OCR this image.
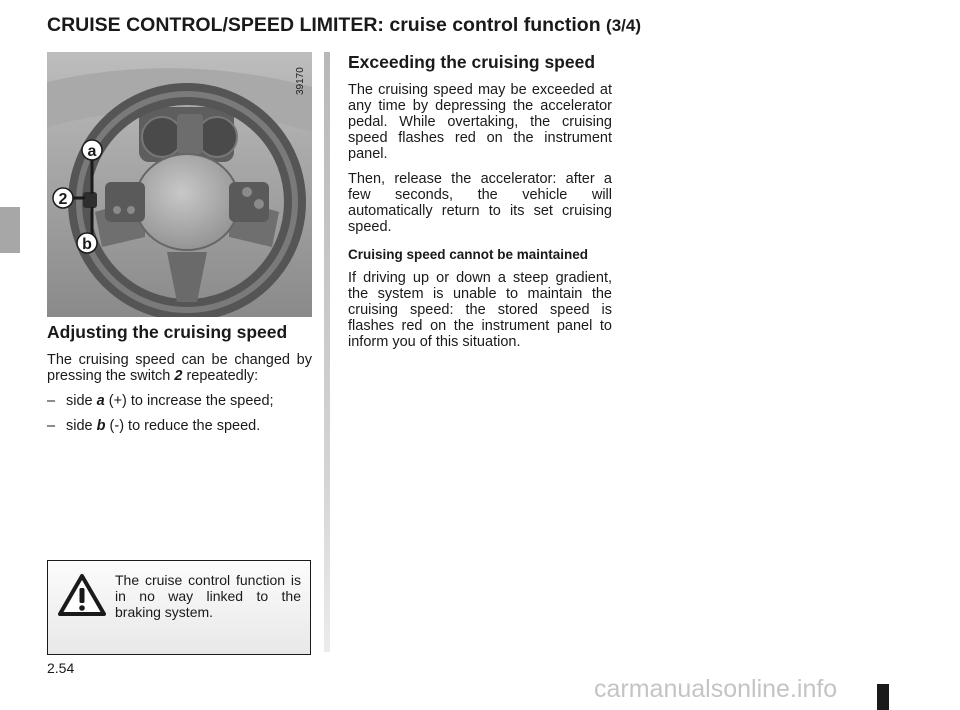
CRUISE CONTROL/SPEED LIMITER: cruise control function (3/4)
a
2
b
39170
Adjusting the cruising speed

The cruising speed can be changed by pressing the switch 2 repeatedly:

– side a (+) to increase the speed;
– side b (-) to reduce the speed.
Exceeding the cruising speed

The cruising speed may be exceeded at any time by depressing the accelerator pedal. While overtaking, the cruising speed flashes red on the instrument panel.

Then, release the accelerator: after a few seconds, the vehicle will automatically return to its set cruising speed.

Cruising speed cannot be maintained

If driving up or down a steep gradient, the system is unable to maintain the cruising speed: the stored speed is flashes red on the instrument panel to inform you of this situation.

The cruise control function is in no way linked to the braking system.
2.54
carmanualsonline.info
